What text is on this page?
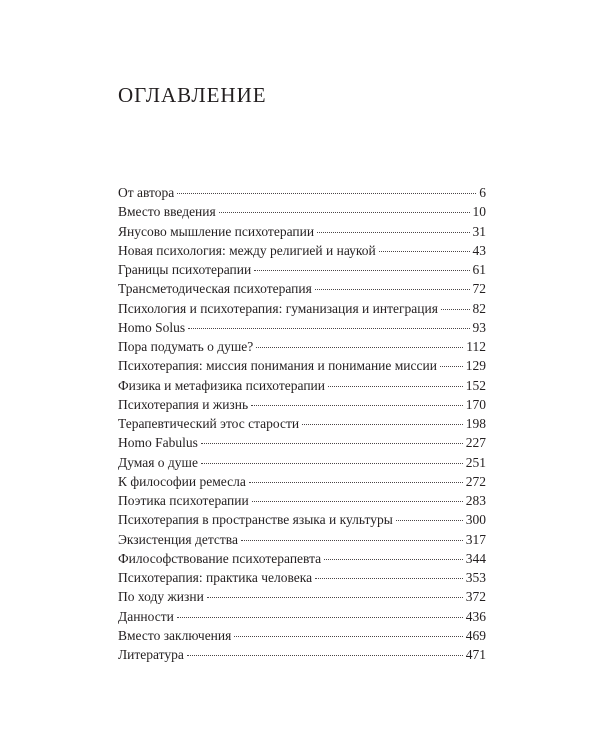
ОГЛАВЛЕНИЕ
От автора	6
Вместо введения	10
Янусово мышление психотерапии	31
Новая психология: между религией и наукой	43
Границы психотерапии	61
Трансметодическая психотерапия	72
Психология и психотерапия: гуманизация и интеграция	82
Homo Solus	93
Пора подумать о душе?	112
Психотерапия: миссия понимания и понимание миссии 129
Физика и метафизика психотерапии	152
Психотерапия и жизнь	170
Терапевтический этос старости	198
Homo Fabulus	227
Думая о душе	251
К философии ремесла	272
Поэтика психотерапии	283
Психотерапия в пространстве языка и культуры	300
Экзистенция детства	317
Философствование психотерапевта	344
Психотерапия: практика человека	353
По ходу жизни	372
Данности	436
Вместо заключения	469
Литература	471
